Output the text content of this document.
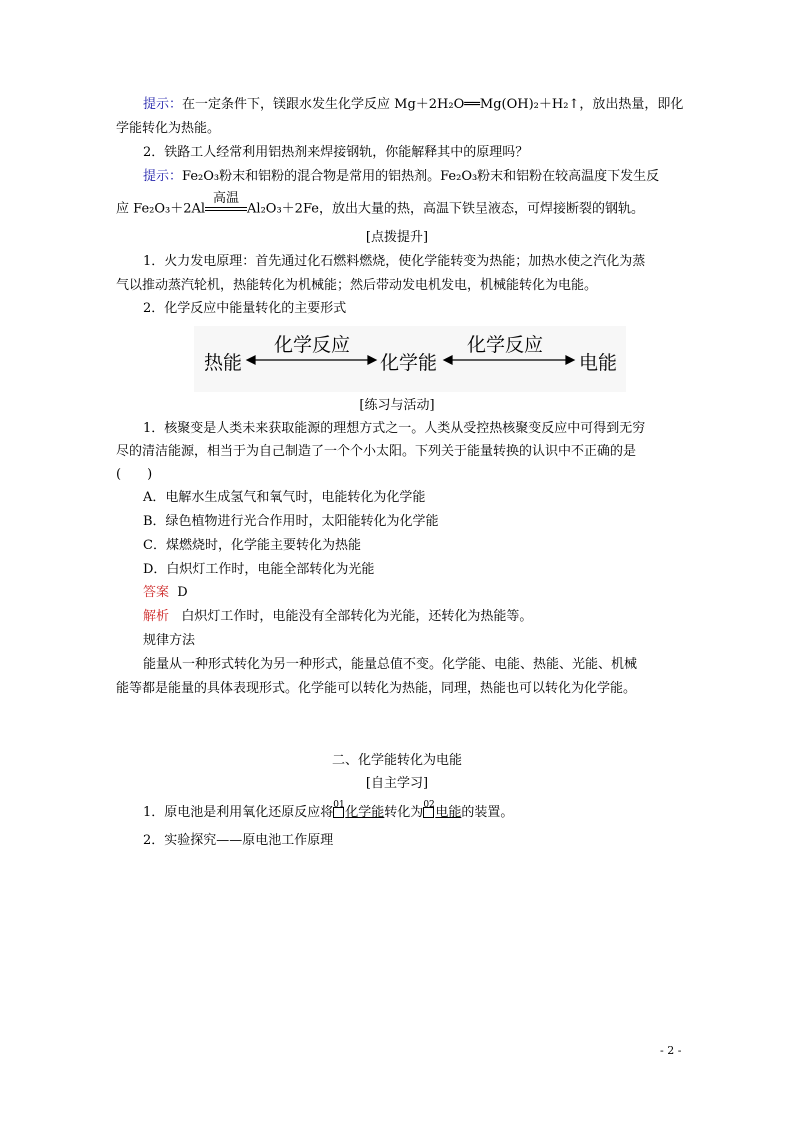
提示：在一定条件下，镁跟水发生化学反应 Mg＋2H₂O══Mg(OH)₂＋H₂↑，放出热量，即化
学能转化为热能。
2．铁路工人经常利用铝热剂来焊接钢轨，你能解释其中的原理吗？
提示：Fe₂O₃粉末和铝粉的混合物是常用的铝热剂。Fe₂O₃粉末和铝粉在较高温度下发生反
应 Fe₂O₃＋2Al
高温
Al₂O₃＋2Fe，放出大量的热，高温下铁呈液态，可焊接断裂的钢轨。
[点拨提升]
1．火力发电原理：首先通过化石燃料燃烧，使化学能转变为热能；加热水使之汽化为蒸
气以推动蒸汽轮机，热能转化为机械能；然后带动发电机发电，机械能转化为电能。
2．化学反应中能量转化的主要形式
热能
化学反应
化学能
化学反应
电能
[练习与活动]
1．核聚变是人类未来获取能源的理想方式之一。人类从受控热核聚变反应中可得到无穷
尽的清洁能源，相当于为自己制造了一个个小太阳。下列关于能量转换的认识中不正确的是
(　　)
A．电解水生成氢气和氧气时，电能转化为化学能
B．绿色植物进行光合作用时，太阳能转化为化学能
C．煤燃烧时，化学能主要转化为热能
D．白炽灯工作时，电能全部转化为光能
答案 D
解析 白炽灯工作时，电能没有全部转化为光能，还转化为热能等。
规律方法
能量从一种形式转化为另一种形式，能量总值不变。化学能、电能、热能、光能、机械
能等都是能量的具体表现形式。化学能可以转化为热能，同理，热能也可以转化为化学能。
二、化学能转化为电能
[自主学习]
1．原电池是利用氧化还原反应将 01 化学能转化为 02 电能的装置。
2．实验探究——原电池工作原理
- 2 -
